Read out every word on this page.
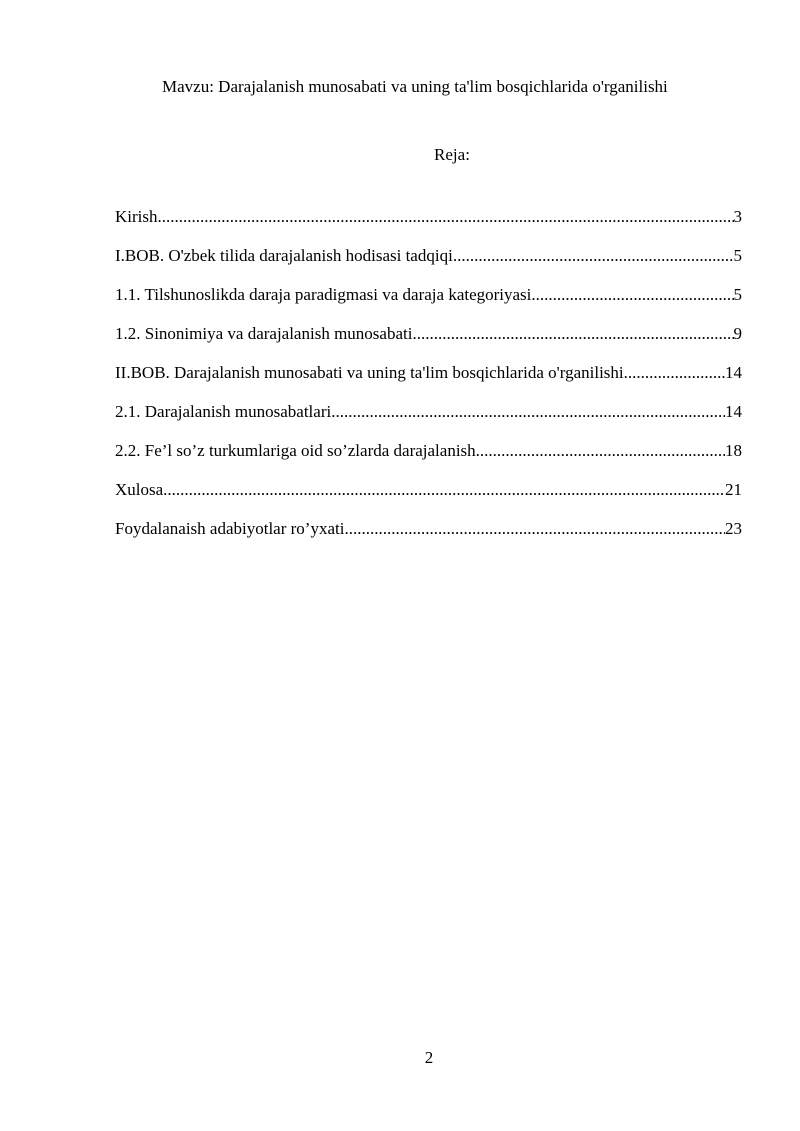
Mavzu: Darajalanish munosabati va uning ta'lim bosqichlarida o'rganilishi
Reja:
Kirish .....	3
I.BOB. O'zbek tilida darajalanish hodisasi tadqiqi .....	5
1.1. Tilshunoslikda daraja paradigmasi va daraja kategoriyasi .....	5
1.2. Sinonimiya va darajalanish munosabati .....	9
II.BOB. Darajalanish munosabati va uning ta'lim bosqichlarida o'rganilishi .....	14
2.1. Darajalanish munosabatlari .....	14
2.2. Fe’l so’z turkumlariga oid so’zlarda darajalanish .....	18
Xulosa .....	21
Foydalanaish adabiyotlar ro’yxati .....	23
2
